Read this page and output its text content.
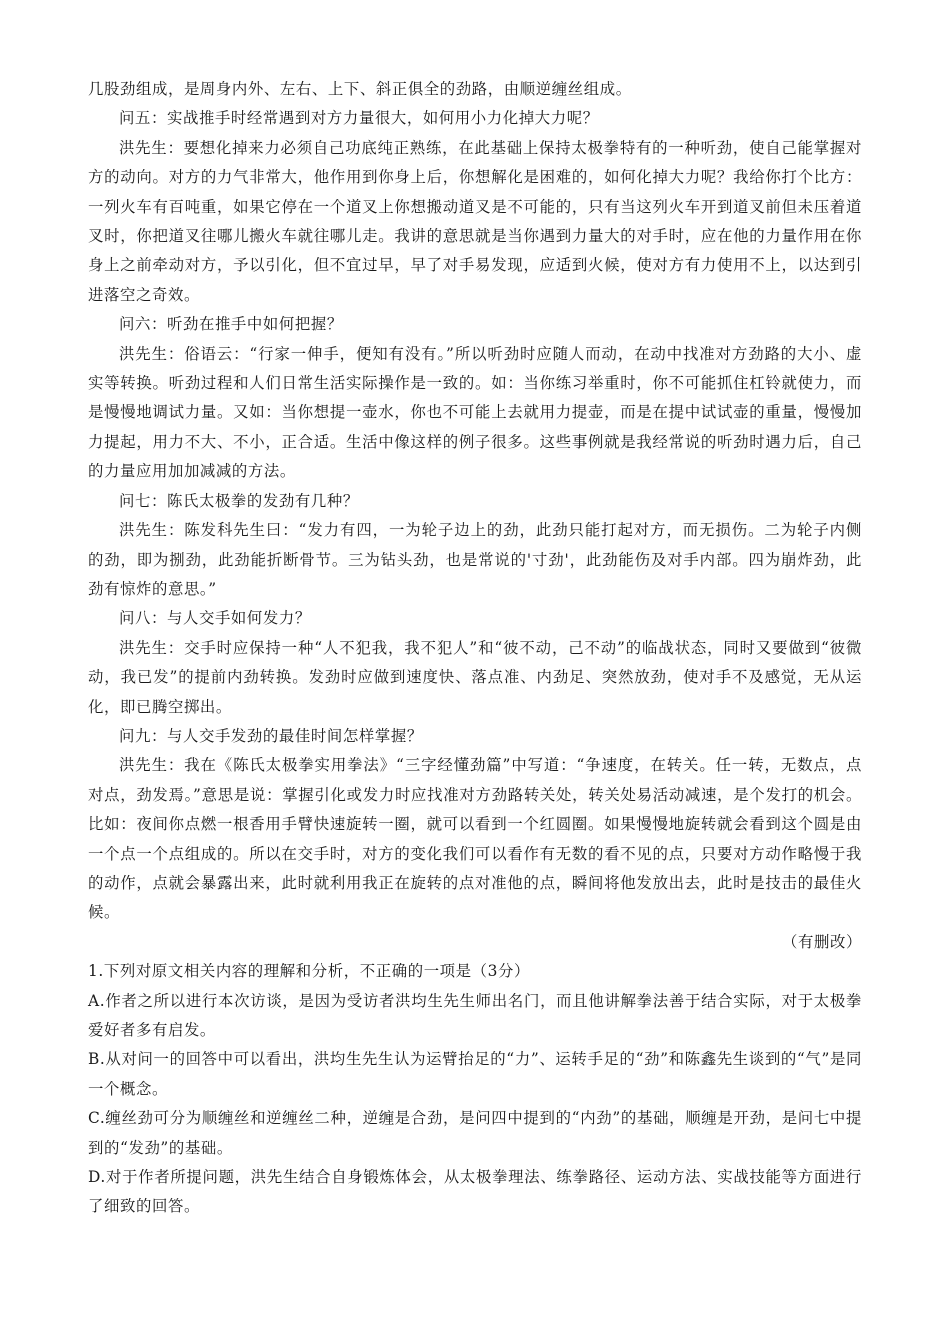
几股劲组成，是周身内外、左右、上下、斜正俱全的劲路，由顺逆缠丝组成。

问五：实战推手时经常遇到对方力量很大，如何用小力化掉大力呢？

洪先生：要想化掉来力必须自己功底纯正熟练，在此基础上保持太极拳特有的一种听劲，使自己能掌握对方的动向。对方的力气非常大，他作用到你身上后，你想解化是困难的，如何化掉大力呢？我给你打个比方：一列火车有百吨重，如果它停在一个道叉上你想搬动道叉是不可能的，只有当这列火车开到道叉前但未压着道叉时，你把道叉往哪儿搬火车就往哪儿走。我讲的意思就是当你遇到力量大的对手时，应在他的力量作用在你身上之前牵动对方，予以引化，但不宜过早，早了对手易发现，应适到火候，使对方有力使用不上，以达到引进落空之奇效。

问六：听劲在推手中如何把握？

洪先生：俗语云：“行家一伸手，便知有没有。”所以听劲时应随人而动，在动中找准对方劲路的大小、虚实等转换。听劲过程和人们日常生活实际操作是一致的。如：当你练习举重时，你不可能抓住杠铃就使力，而是慢慢地调试力量。又如：当你想提一壶水，你也不可能上去就用力提壶，而是在提中试试壶的重量，慢慢加力提起，用力不大、不小，正合适。生活中像这样的例子很多。这些事例就是我经常说的听劲时遇力后，自己的力量应用加加减减的方法。

问七：陈氏太极拳的发劲有几种？

洪先生：陈发科先生曰：“发力有四，一为轮子边上的劲，此劲只能打起对方，而无损伤。二为轮子内侧的劲，即为捌劲，此劲能折断骨节。三为钻头劲，也是常说的'寸劲'，此劲能伤及对手内部。四为崩炸劲，此劲有惊炸的意思。”

问八：与人交手如何发力？

洪先生：交手时应保持一种“人不犯我，我不犯人”和“彼不动，己不动”的临战状态，同时又要做到“彼微动，我已发”的提前内劲转换。发劲时应做到速度快、落点准、内劲足、突然放劲，使对手不及感觉，无从运化，即已腾空掷出。

问九：与人交手发劲的最佳时间怎样掌握？

洪先生：我在《陈氏太极拳实用拳法》“三字经懂劲篇”中写道：“争速度，在转关。任一转，无数点，点对点，劲发焉。”意思是说：掌握引化或发力时应找准对方劲路转关处，转关处易活动减速，是个发打的机会。比如：夜间你点燃一根香用手臂快速旋转一圈，就可以看到一个红圆圈。如果慢慢地旋转就会看到这个圆是由一个点一个点组成的。所以在交手时，对方的变化我们可以看作有无数的看不见的点，只要对方动作略慢于我的动作，点就会暴露出来，此时就利用我正在旋转的点对准他的点，瞬间将他发放出去，此时是技击的最佳火候。

（有删改）

1.下列对原文相关内容的理解和分析，不正确的一项是（3分）

A.作者之所以进行本次访谈，是因为受访者洪均生先生师出名门，而且他讲解拳法善于结合实际，对于太极拳爱好者多有启发。

B.从对问一的回答中可以看出，洪均生先生认为运臂抬足的“力”、运转手足的“劲”和陈鑫先生谈到的“气”是同一个概念。

C.缠丝劲可分为顺缠丝和逆缠丝二种，逆缠是合劲，是问四中提到的“内劲”的基础，顺缠是开劲，是问七中提到的“发劲”的基础。

D.对于作者所提问题，洪先生结合自身锻炼体会，从太极拳理法、练拳路径、运动方法、实战技能等方面进行了细致的回答。
